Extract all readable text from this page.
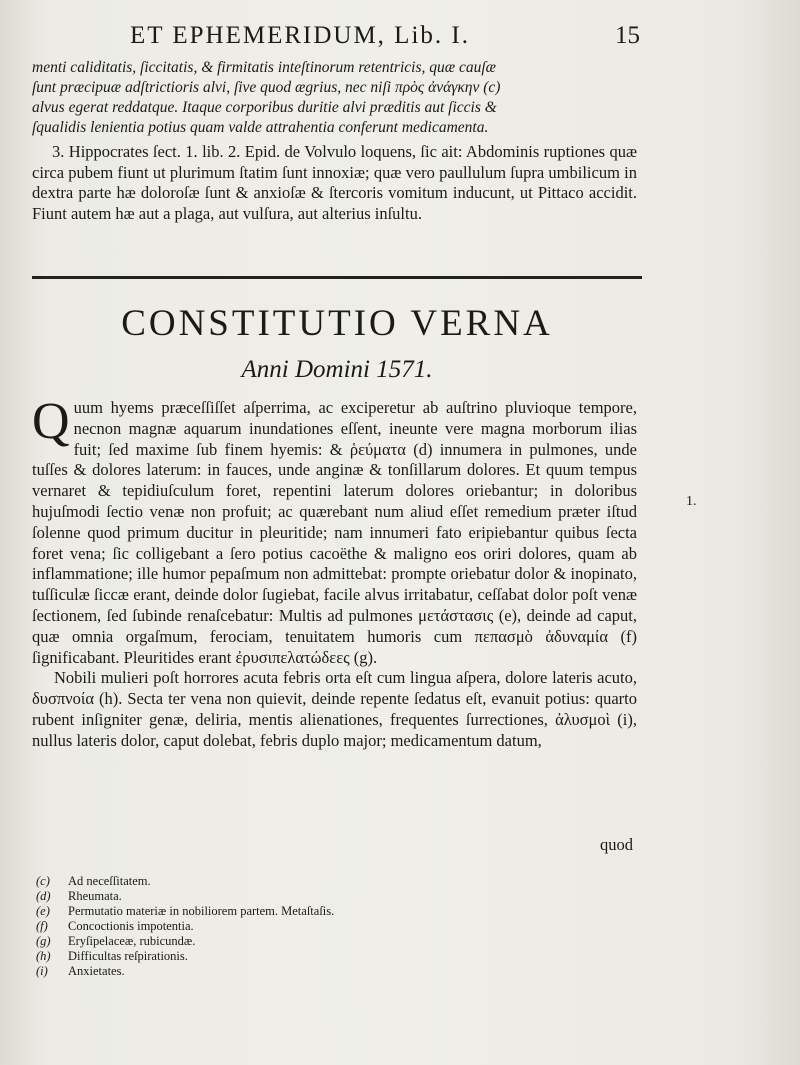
ET EPHEMERIDUM, Lib. I.	15

menti caliditatis, ſiccitatis, & firmitatis inteſtinorum retentricis, quæ cauſæ

ſunt præcipuæ adſtrictioris alvi, ſive quod ægrius, nec niſi πρὸς ἀνάγκην (c)

alvus egerat reddatque. Itaque corporibus duritie alvi præditis aut ſiccis &

ſqualidis lenientia potius quam valde attrahentia conferunt medicamenta.

3. Hippocrates ſect. 1. lib. 2. Epid. de Volvulo loquens, ſic ait: Abdominis ruptiones quæ circa pubem fiunt ut plurimum ſtatim ſunt innoxiæ; quæ vero paullulum ſupra umbilicum in dextra parte hæ doloroſæ ſunt & anxioſæ & ſtercoris vomitum inducunt, ut Pittaco accidit. Fiunt autem hæ aut a plaga, aut vulſura, aut alterius inſultu.

CONSTITUTIO VERNA
Anni Domini 1571.

Q uum hyems præceſſiſſet aſperrima, ac exciperetur ab auſtrino pluvioque tempore, necnon magnæ aquarum inundationes eſſent, ineunte vere magna morborum ilias fuit; ſed maxime ſub finem hyemis: & ῥεύματα (d) innumera in pulmones, unde tuſſes & dolores laterum: in fauces, unde anginæ & tonſillarum dolores. Et quum tempus vernaret & tepidiuſculum foret, repentini laterum dolores oriebantur; in doloribus hujuſmodi ſectio venæ non profuit; ac quærebant num aliud eſſet remedium præter iſtud ſolenne quod primum ducitur in pleuritide; nam innumeri fato eripiebantur quibus ſecta foret vena; ſic colligebant a ſero potius cacoëthe & maligno eos oriri dolores, quam ab inflammatione; ille humor pepaſmum non admittebat: prompte oriebatur dolor & inopinato, tuſſiculæ ſiccæ erant, deinde dolor ſugiebat, facile alvus irritabatur, ceſſabat dolor poſt venæ ſectionem, ſed ſubinde renaſcebatur: Multis ad pulmones μετάστασις (e), deinde ad caput, quæ omnia orgaſmum, ferociam, tenuitatem humoris cum πεπασμὸ ἀδυναμία (f) ſignificabant. Pleuritides erant ἐρυσιπελατώδεες (g).

Nobili mulieri poſt horrores acuta febris orta eſt cum lingua aſpera, dolore lateris acuto, δυσπνοία (h). Secta ter vena non quievit, deinde repente ſedatus eſt, evanuit potius: quarto rubent inſigniter genæ, deliria, mentis alienationes, frequentes ſurrectiones, ἀλυσμοὶ (i), nullus lateris dolor, caput dolebat, febris duplo major; medicamentum datum,

quod
1.
(c)	Ad neceſſitatem.
(d)	Rheumata.
(e)	Permutatio materiæ in nobiliorem partem. Metaſtaſis.
(f)	Concoctionis impotentia.
(g)	Eryſipelaceæ, rubicundæ.
(h)	Difficultas reſpirationis.
(i)	Anxietates.
